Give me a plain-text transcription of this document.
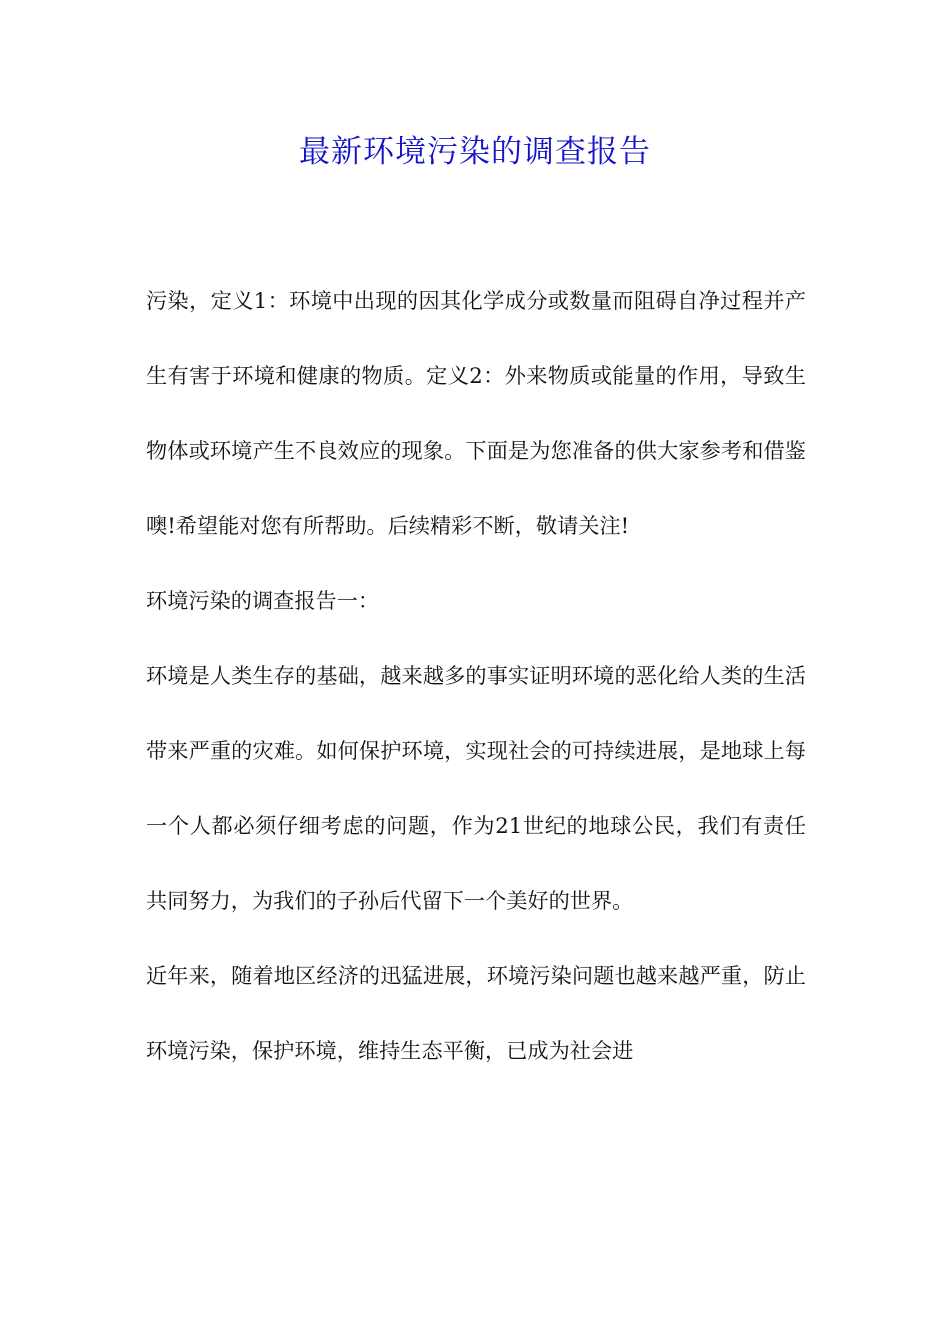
最新环境污染的调查报告

污染，定义1：环境中出现的因其化学成分或数量而阻碍自净过程并产生有害于环境和健康的物质。定义2：外来物质或能量的作用，导致生物体或环境产生不良效应的现象。下面是为您准备的供大家参考和借鉴噢!希望能对您有所帮助。后续精彩不断，敬请关注!

环境污染的调查报告一：

环境是人类生存的基础，越来越多的事实证明环境的恶化给人类的生活带来严重的灾难。如何保护环境，实现社会的可持续进展，是地球上每一个人都必须仔细考虑的问题，作为21世纪的地球公民，我们有责任共同努力，为我们的子孙后代留下一个美好的世界。

近年来，随着地区经济的迅猛进展，环境污染问题也越来越严重，防止环境污染，保护环境，维持生态平衡，已成为社会进
